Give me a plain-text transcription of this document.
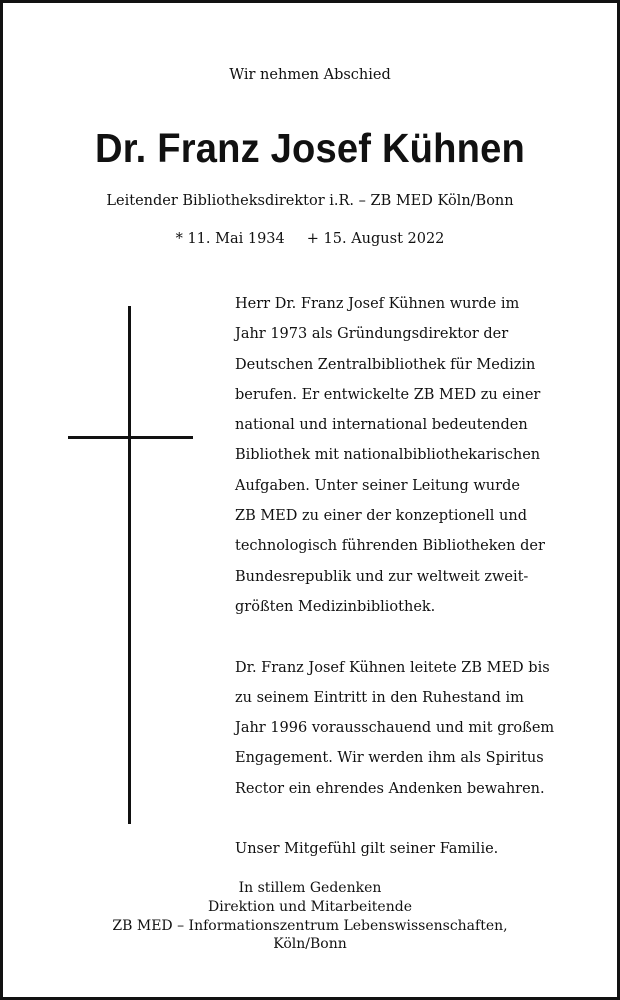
Wir nehmen Abschied
Dr. Franz Josef Kühnen
Leitender Bibliotheksdirektor i.R. – ZB MED Köln/Bonn
* 11. Mai 1934 + 15. August 2022
Herr Dr. Franz Josef Kühnen wurde im
Jahr 1973 als Gründungsdirektor der
Deutschen Zentralbibliothek für Medizin
berufen. Er entwickelte ZB MED zu einer
national und international bedeutenden
Bibliothek mit nationalbibliothekarischen
Aufgaben. Unter seiner Leitung wurde
ZB MED zu einer der konzeptionell und
technologisch führenden Bibliotheken der
Bundesrepublik und zur weltweit zweit-
größten Medizinbibliothek.
Dr. Franz Josef Kühnen leitete ZB MED bis
zu seinem Eintritt in den Ruhestand im
Jahr 1996 vorausschauend und mit großem
Engagement. Wir werden ihm als Spiritus
Rector ein ehrendes Andenken bewahren.
Unser Mitgefühl gilt seiner Familie.
In stillem Gedenken
Direktion und Mitarbeitende
ZB MED – Informationszentrum Lebenswissenschaften,
Köln/Bonn
